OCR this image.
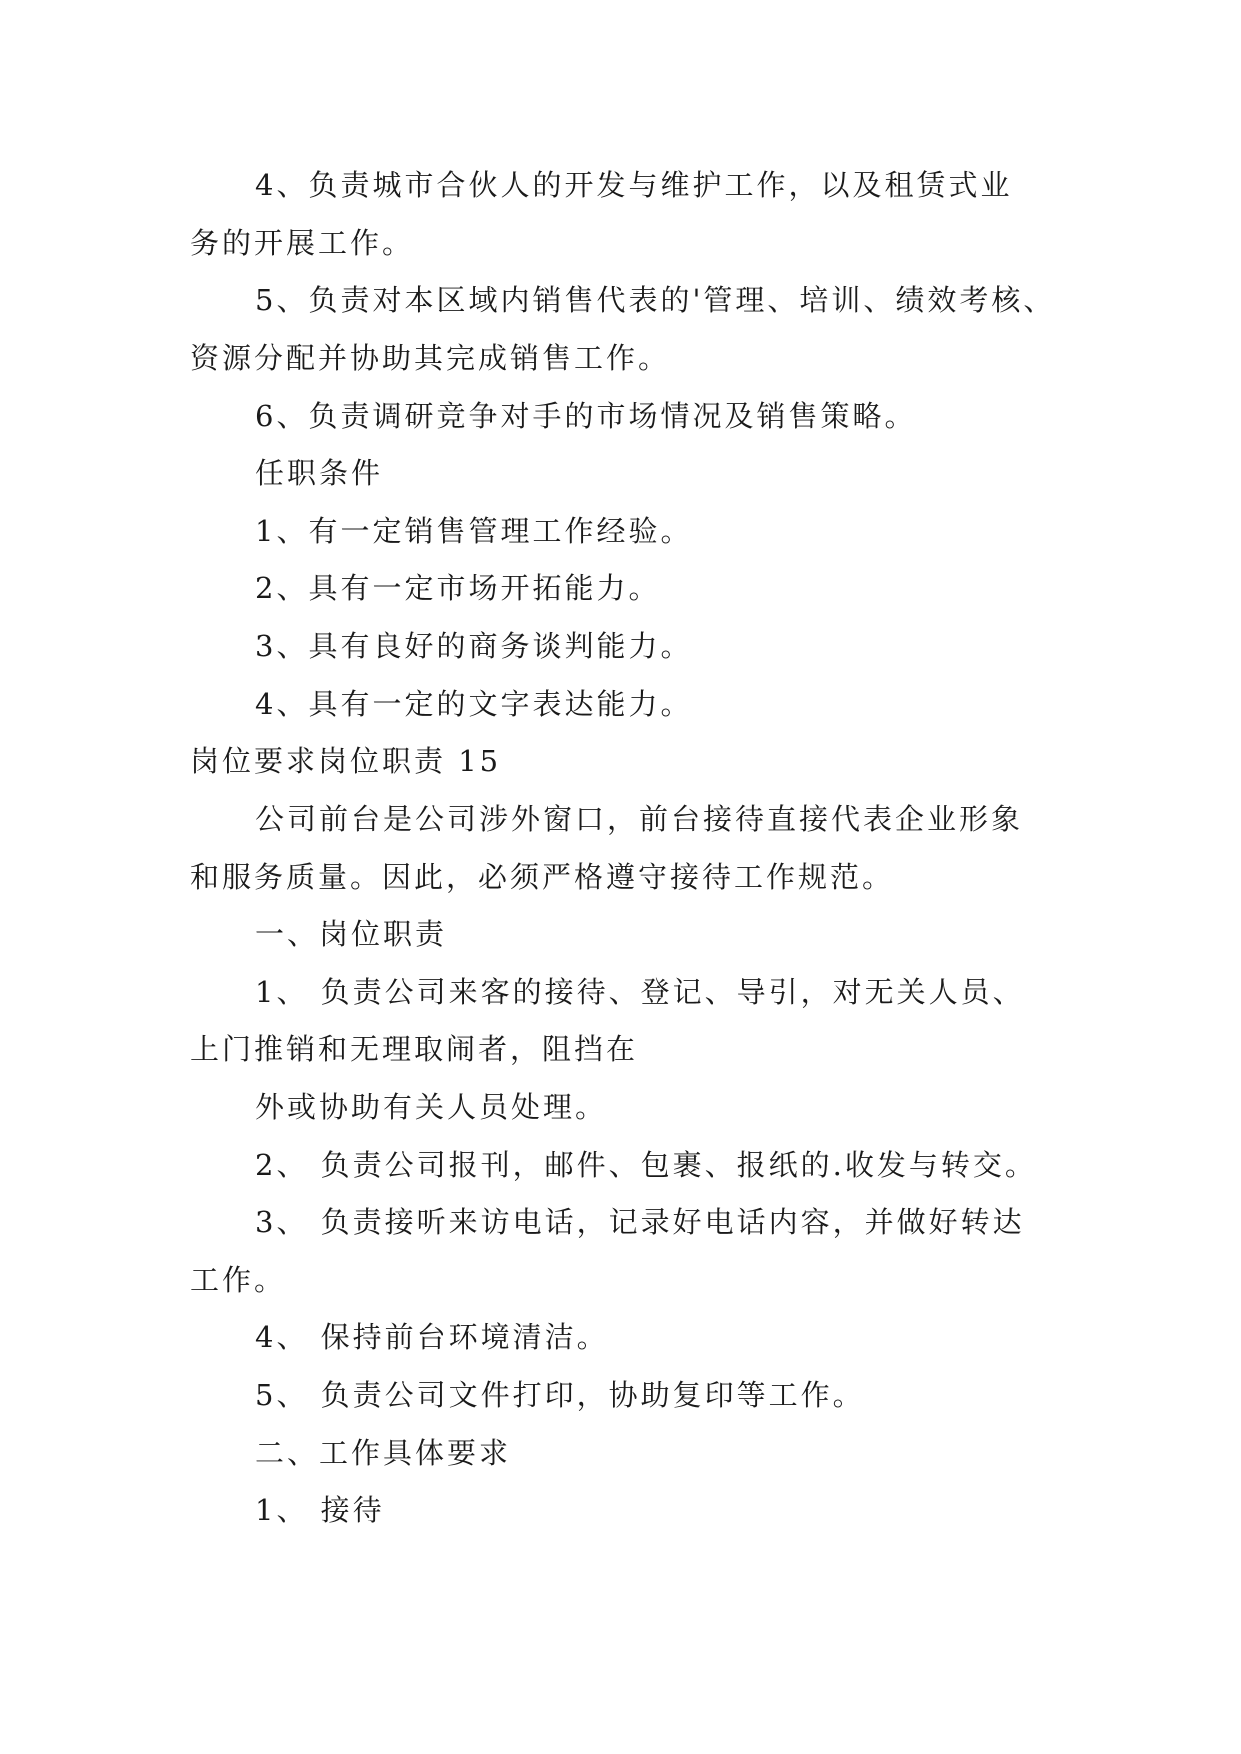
4、负责城市合伙人的开发与维护工作，以及租赁式业
务的开展工作。
5、负责对本区域内销售代表的'管理、培训、绩效考核、
资源分配并协助其完成销售工作。
6、负责调研竞争对手的市场情况及销售策略。
任职条件
1、有一定销售管理工作经验。
2、具有一定市场开拓能力。
3、具有良好的商务谈判能力。
4、具有一定的文字表达能力。
岗位要求岗位职责 15
公司前台是公司涉外窗口，前台接待直接代表企业形象
和服务质量。因此，必须严格遵守接待工作规范。
一、岗位职责
1、 负责公司来客的接待、登记、导引，对无关人员、
上门推销和无理取闹者，阻挡在
外或协助有关人员处理。
2、 负责公司报刊，邮件、包裹、报纸的.收发与转交。
3、 负责接听来访电话，记录好电话内容，并做好转达
工作。
4、 保持前台环境清洁。
5、 负责公司文件打印，协助复印等工作。
二、工作具体要求
1、 接待
